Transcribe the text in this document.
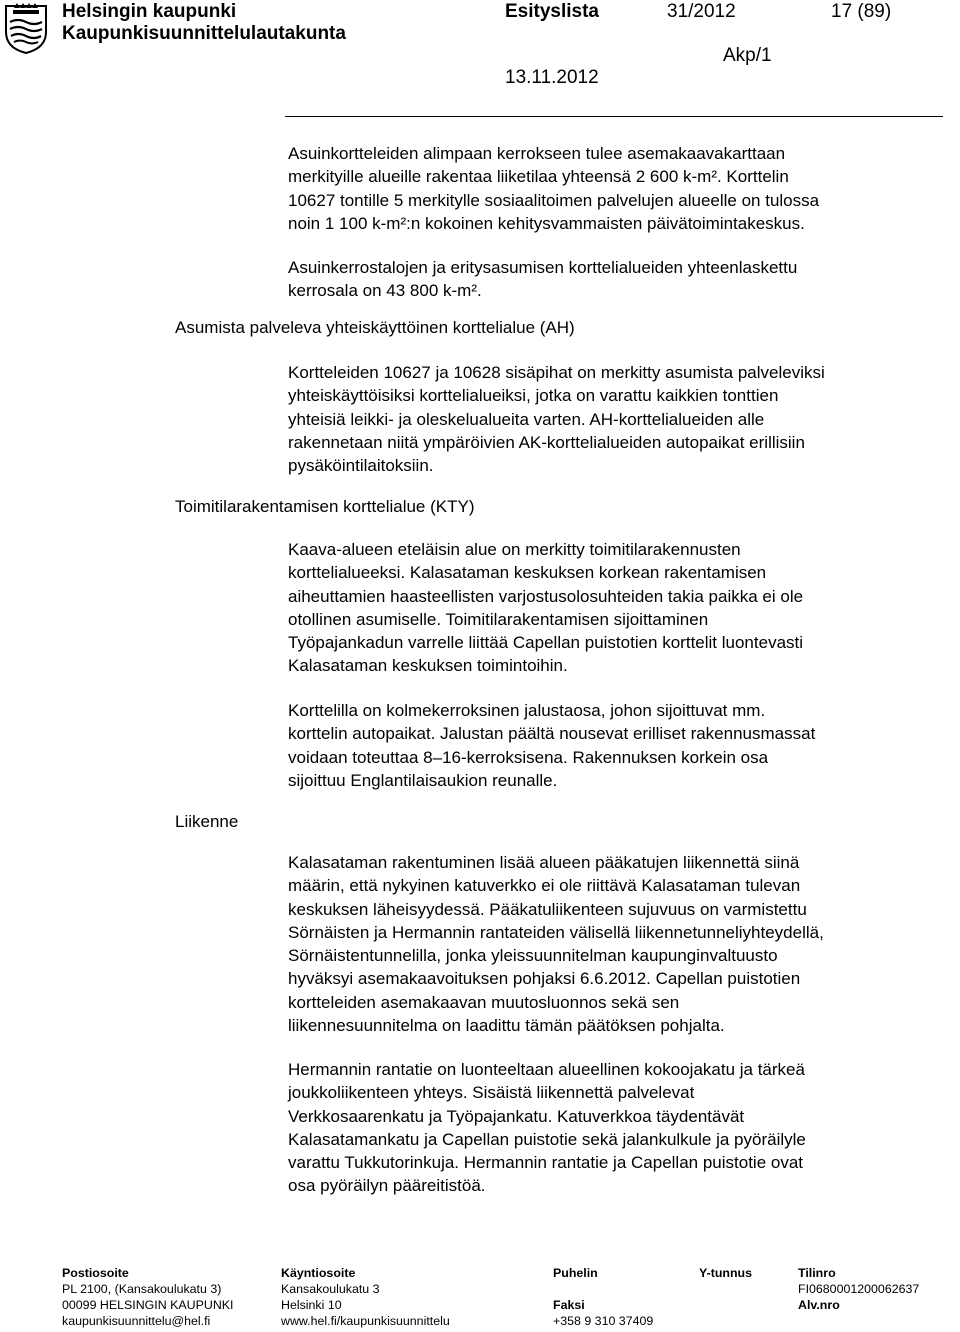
Helsingin kaupunki
Kaupunkisuunnittelulautakunta
Esityslista	31/2012	17 (89)
13.11.2012
Akp/1
Asuinkortteleiden alimpaan kerrokseen tulee asemakaavakarttaan
merkityille alueille rakentaa liiketilaa yhteensä 2 600 k-m². Korttelin
10627 tontille 5 merkitylle sosiaalitoimen palvelujen alueelle on tulossa
noin 1 100 k-m²:n kokoinen kehitysvammaisten päivätoimintakeskus.
Asuinkerrostalojen ja eritysasumisen korttelialueiden yhteenlaskettu
kerrosala on 43 800 k-m².
Asumista palveleva yhteiskäyttöinen korttelialue (AH)
Kortteleiden 10627 ja 10628 sisäpihat on merkitty asumista palveleviksi
yhteiskäyttöisiksi korttelialueiksi, jotka on varattu kaikkien tonttien
yhteisiä leikki- ja oleskelualueita varten. AH-korttelialueiden alle
rakennetaan niitä ympäröivien AK-korttelialueiden autopaikat erillisiin
pysäköintilaitoksiin.
Toimitilarakentamisen korttelialue (KTY)
Kaava-alueen eteläisin alue on merkitty toimitilarakennusten
korttelialueeksi. Kalasataman keskuksen korkean rakentamisen
aiheuttamien haasteellisten varjostusolosuhteiden takia paikka ei ole
otollinen asumiselle. Toimitilarakentamisen sijoittaminen
Työpajankadun varrelle liittää Capellan puistotien korttelit luontevasti
Kalasataman keskuksen toimintoihin.
Korttelilla on kolmekerroksinen jalustaosa, johon sijoittuvat mm.
korttelin autopaikat. Jalustan päältä nousevat erilliset rakennusmassat
voidaan toteuttaa 8–16-kerroksisena. Rakennuksen korkein osa
sijoittuu Englantilaisaukion reunalle.
Liikenne
Kalasataman rakentuminen lisää alueen pääkatujen liikennettä siinä
määrin, että nykyinen katuverkko ei ole riittävä Kalasataman tulevan
keskuksen läheisyydessä. Pääkatuliikenteen sujuvuus on varmistettu
Sörnäisten ja Hermannin rantateiden välisellä liikennetunneliyhteydellä,
Sörnäistentunnelilla, jonka yleissuunnitelman kaupunginvaltuusto
hyväksyi asemakaavoituksen pohjaksi 6.6.2012. Capellan puistotien
kortteleiden asemakaavan muutosluonnos sekä sen
liikennesuunnitelma on laadittu tämän päätöksen pohjalta.
Hermannin rantatie on luonteeltaan alueellinen kokoojakatu ja tärkeä
joukkoliikenteen yhteys. Sisäistä liikennettä palvelevat
Verkkosaarenkatu ja Työpajankatu. Katuverkkoa täydentävät
Kalasatamankatu ja Capellan puistotie sekä jalankulkule ja pyöräilyle
varattu Tukkutorinkuja. Hermannin rantatie ja Capellan puistotie ovat
osa pyöräilyn pääreitistöä.
Postiosoite
PL 2100, (Kansakoulukatu 3)
00099 HELSINGIN KAUPUNKI
kaupunkisuunnittelu@hel.fi
Käyntiosoite
Kansakoulukatu 3
Helsinki 10
www.hel.fi/kaupunkisuunnittelu
Puhelin

Faksi
+358 9 310 37409
Y-tunnus	Tilinro
FI0680001200062637
Alv.nro
